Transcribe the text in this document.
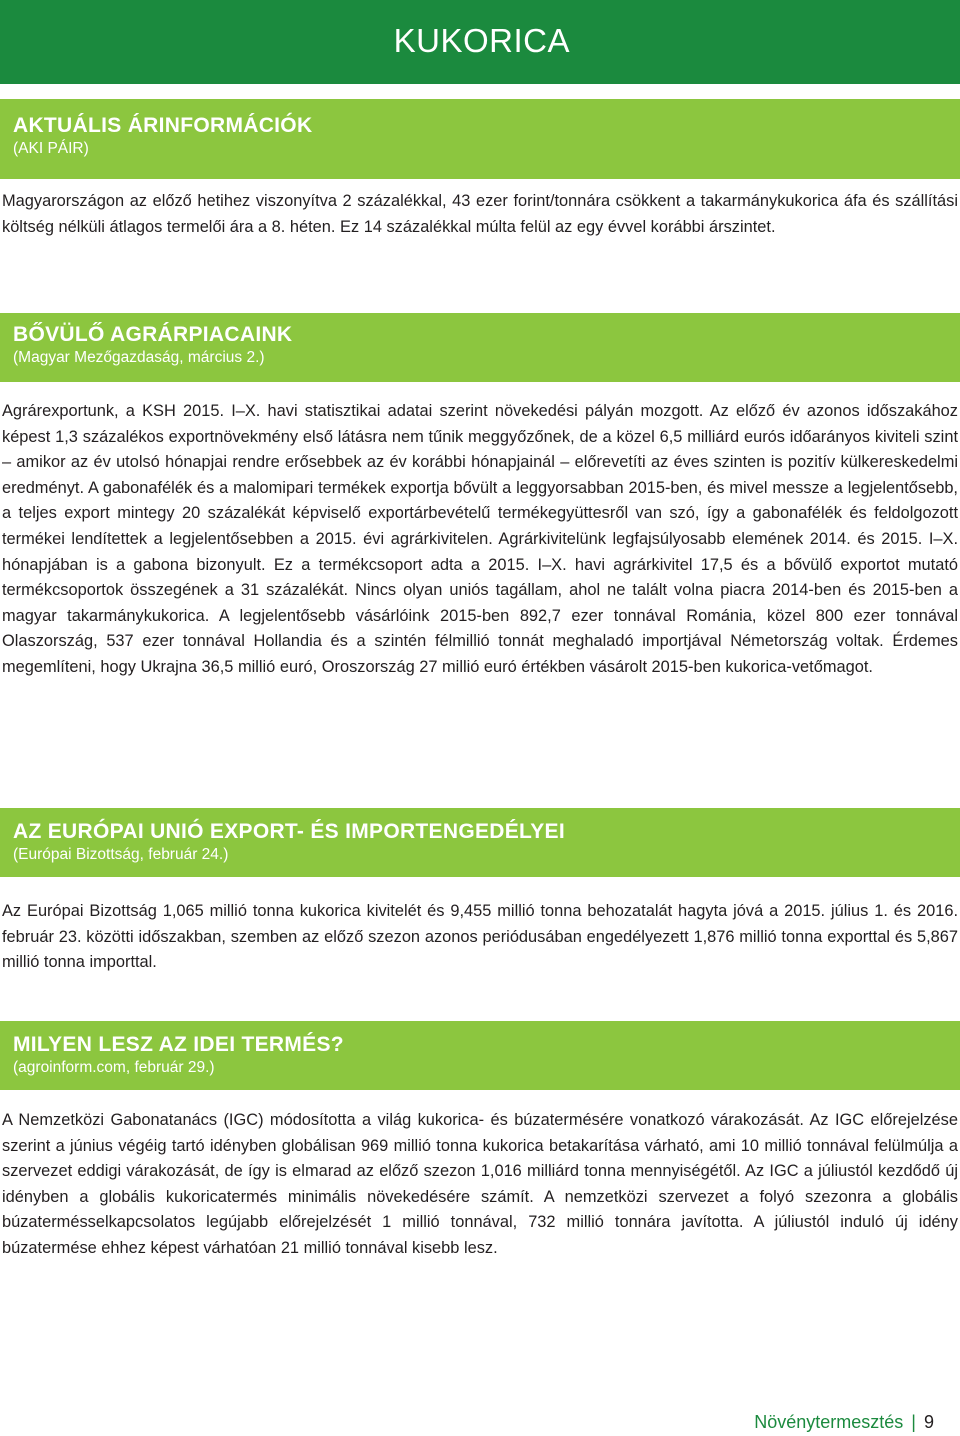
KUKORICA
AKTUÁLIS ÁRINFORMÁCIÓK
(AKI PÁIR)

Magyarországon az előző hetihez viszonyítva 2 százalékkal, 43 ezer forint/tonnára csökkent a takarmánykukorica áfa és szállítási költség nélküli átlagos termelői ára a 8. héten. Ez 14 százalékkal múlta felül az egy évvel korábbi árszintet.

BŐVÜLŐ AGRÁRPIACAINK
(Magyar Mezőgazdaság, március 2.)

Agrárexportunk, a KSH 2015. I–X. havi statisztikai adatai szerint növekedési pályán mozgott. Az előző év azonos időszakához képest 1,3 százalékos exportnövekmény első látásra nem tűnik meggyőzőnek, de a közel 6,5 milliárd eurós időarányos kiviteli szint – amikor az év utolsó hónapjai rendre erősebbek az év korábbi hónapjainál – előrevetíti az éves szinten is pozitív külkereskedelmi eredményt. A gabonafélék és a malomipari termékek exportja bővült a leggyorsabban 2015-ben, és mivel messze a legjelentősebb, a teljes export mintegy 20 százalékát képviselő exportárbevételű termékegyüttesről van szó, így a gabonafélék és feldolgozott termékei lendítettek a legjelentősebben a 2015. évi agrárkivitelen. Agrárkivitelünk legfajsúlyosabb elemének 2014. és 2015. I–X. hónapjában is a gabona bizonyult. Ez a termékcsoport adta a 2015. I–X. havi agrárkivitel 17,5 és a bővülő exportot mutató termékcsoportok összegének a 31 százalékát. Nincs olyan uniós tagállam, ahol ne talált volna piacra 2014-ben és 2015-ben a magyar takarmánykukorica. A legjelentősebb vásárlóink 2015-ben 892,7 ezer tonnával Románia, közel 800 ezer tonnával Olaszország, 537 ezer tonnával Hollandia és a szintén félmillió tonnát meghaladó importjával Németország voltak. Érdemes megemlíteni, hogy Ukrajna 36,5 millió euró, Oroszország 27 millió euró értékben vásárolt 2015-ben kukorica-vetőmagot.

AZ EURÓPAI UNIÓ EXPORT- ÉS IMPORTENGEDÉLYEI
(Európai Bizottság, február 24.)

Az Európai Bizottság 1,065 millió tonna kukorica kivitelét és 9,455 millió tonna behozatalát hagyta jóvá a 2015. július 1. és 2016. február 23. közötti időszakban, szemben az előző szezon azonos periódusában engedélyezett 1,876 millió tonna exporttal és 5,867 millió tonna importtal.

MILYEN LESZ AZ IDEI TERMÉS?
(agroinform.com, február 29.)

A Nemzetközi Gabonatanács (IGC) módosította a világ kukorica- és búzatermésére vonatkozó várakozását. Az IGC előrejelzése szerint a június végéig tartó idényben globálisan 969 millió tonna kukorica betakarítása várható, ami 10 millió tonnával felülmúlja a szervezet eddigi várakozását, de így is elmarad az előző szezon 1,016 milliárd tonna mennyiségétől. Az IGC a júliustól kezdődő új idényben a globális kukoricatermés minimális növekedésére számít. A nemzetközi szervezet a folyó szezonra a globális búzatermésselkapcsolatos legújabb előrejelzését 1 millió tonnával, 732 millió tonnára javította. A júliustól induló új idény búzatermése ehhez képest várhatóan 21 millió tonnával kisebb lesz.

Növénytermesztés | 9
